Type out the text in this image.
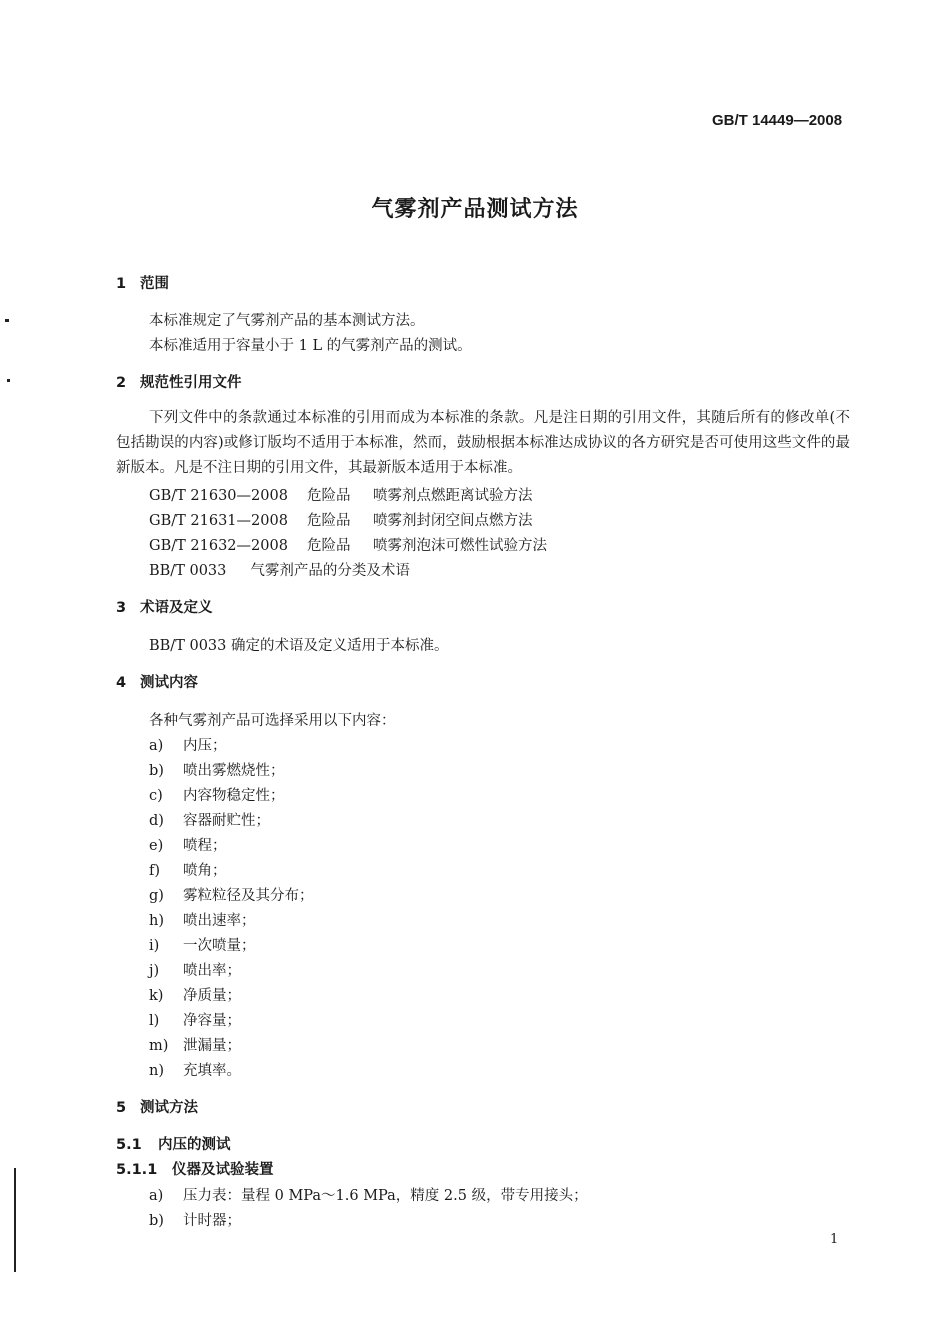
GB/T 14449—2008
气雾剂产品测试方法
1 范围
本标准规定了气雾剂产品的基本测试方法。
本标准适用于容量小于 1 L 的气雾剂产品的测试。
2 规范性引用文件
下列文件中的条款通过本标准的引用而成为本标准的条款。凡是注日期的引用文件，其随后所有的修改单(不包括勘误的内容)或修订版均不适用于本标准，然而，鼓励根据本标准达成协议的各方研究是否可使用这些文件的最新版本。凡是不注日期的引用文件，其最新版本适用于本标准。
GB/T 21630—2008 危险品 喷雾剂点燃距离试验方法
GB/T 21631—2008 危险品 喷雾剂封闭空间点燃方法
GB/T 21632—2008 危险品 喷雾剂泡沫可燃性试验方法
BB/T 0033 气雾剂产品的分类及术语
3 术语及定义
BB/T 0033 确定的术语及定义适用于本标准。
4 测试内容
各种气雾剂产品可选择采用以下内容：
a) 内压；
b) 喷出雾燃烧性；
c) 内容物稳定性；
d) 容器耐贮性；
e) 喷程；
f) 喷角；
g) 雾粒粒径及其分布；
h) 喷出速率；
i) 一次喷量；
j) 喷出率；
k) 净质量；
l) 净容量；
m) 泄漏量；
n) 充填率。
5 测试方法
5.1 内压的测试
5.1.1 仪器及试验装置
a) 压力表：量程 0 MPa～1.6 MPa，精度 2.5 级，带专用接头；
b) 计时器；
1
